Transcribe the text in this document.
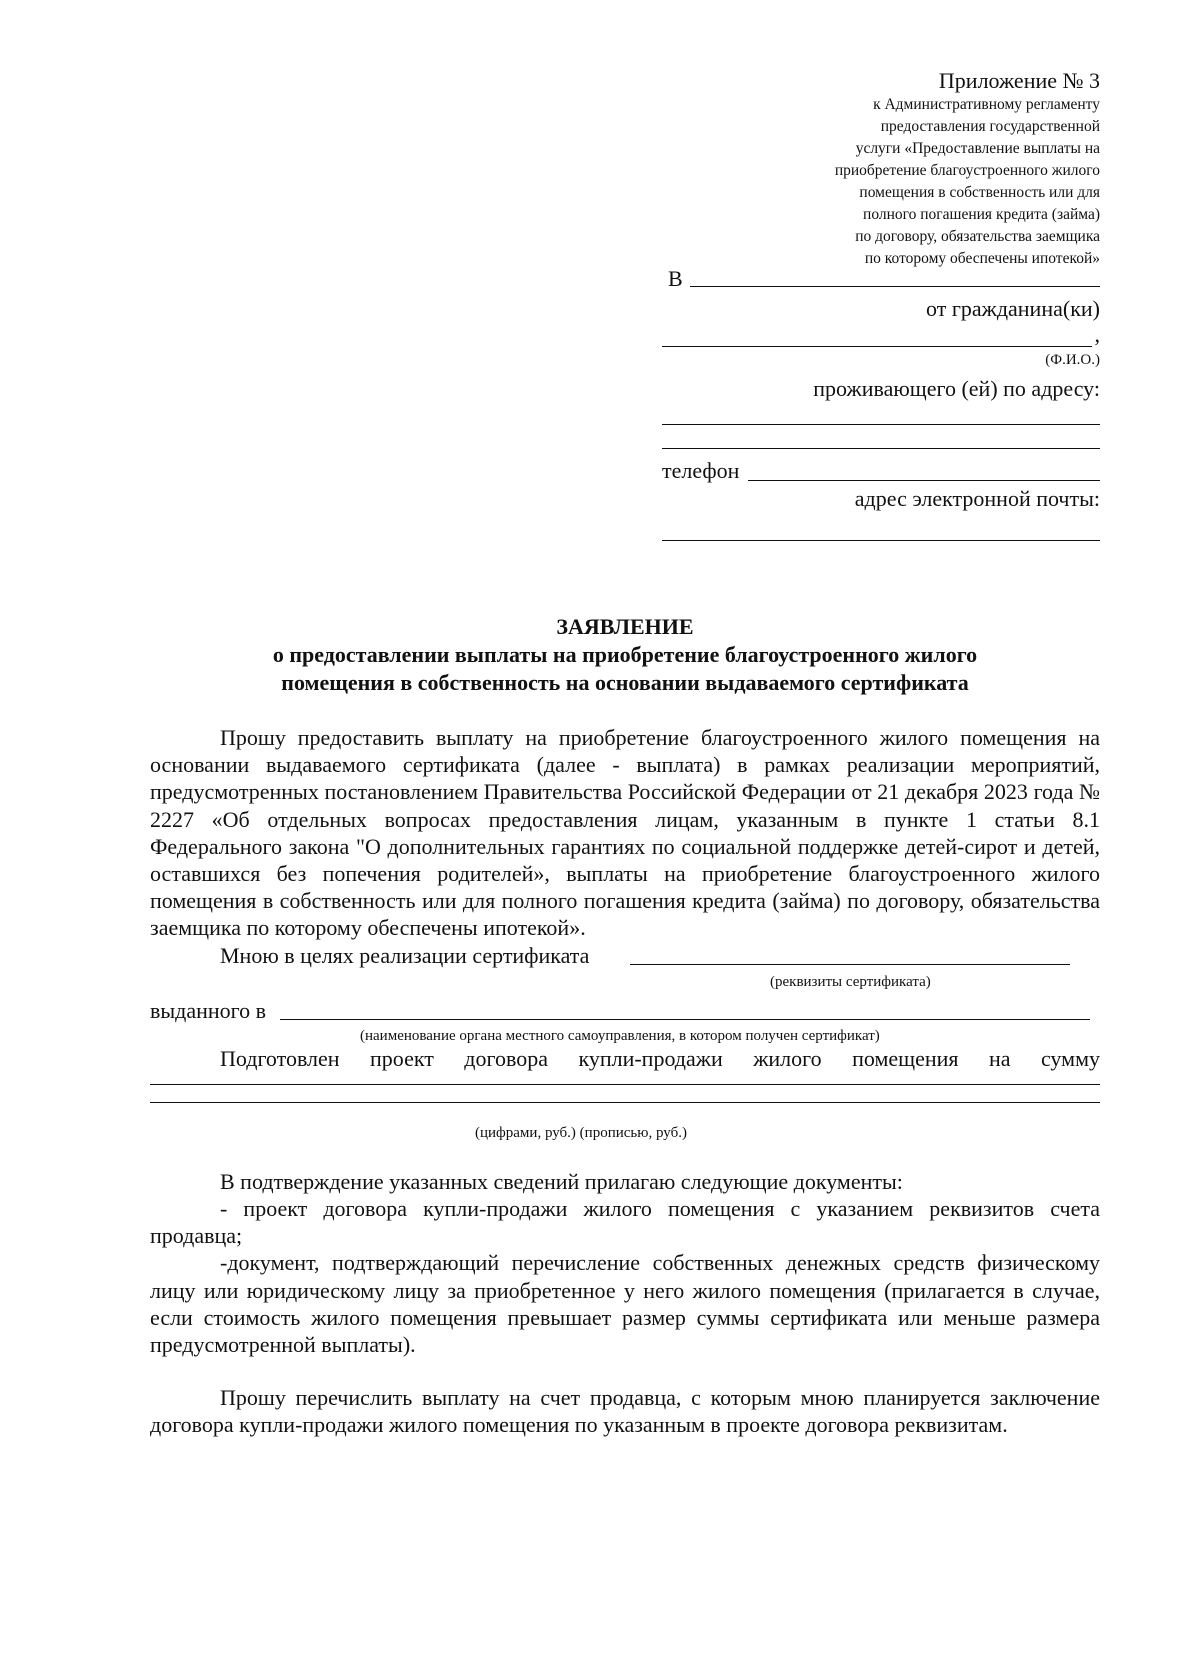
Приложение № 3
к Административному регламенту
предоставления государственной
услуги «Предоставление выплаты на
приобретение благоустроенного жилого
помещения в собственность или для
полного погашения кредита (займа)
по договору, обязательства заемщика
по которому обеспечены ипотекой»
В
от гражданина(ки)
,
(Ф.И.О.)
проживающего (ей) по адресу:
телефон
адрес электронной почты:
ЗАЯВЛЕНИЕ
о предоставлении выплаты на приобретение благоустроенного жилого
помещения в собственность на основании выдаваемого сертификата

Прошу предоставить выплату на приобретение благоустроенного жилого помещения на основании выдаваемого сертификата (далее - выплата) в рамках реализации мероприятий, предусмотренных постановлением Правительства Российской Федерации от 21 декабря 2023 года № 2227 «Об отдельных вопросах предоставления лицам, указанным в пункте 1 статьи 8.1 Федерального закона "О дополнительных гарантиях по социальной поддержке детей-сирот и детей, оставшихся без попечения родителей», выплаты на приобретение благоустроенного жилого помещения в собственность или для полного погашения кредита (займа) по договору, обязательства заемщика по которому обеспечены ипотекой».

Мною в целях реализации сертификата
(реквизиты сертификата)
выданного в
(наименование органа местного самоуправления, в котором получен сертификат)
Подготовлен проект договора купли-продажи жилого помещения на сумму
(цифрами, руб.) (прописью, руб.)

В подтверждение указанных сведений прилагаю следующие документы:

- проект договора купли-продажи жилого помещения с указанием реквизитов счета продавца;

-документ, подтверждающий перечисление собственных денежных средств физическому лицу или юридическому лицу за приобретенное у него жилого помещения (прилагается в случае, если стоимость жилого помещения превышает размер суммы сертификата или меньше размера предусмотренной выплаты).

Прошу перечислить выплату на счет продавца, с которым мною планируется заключение договора купли-продажи жилого помещения по указанным в проекте договора реквизитам.
